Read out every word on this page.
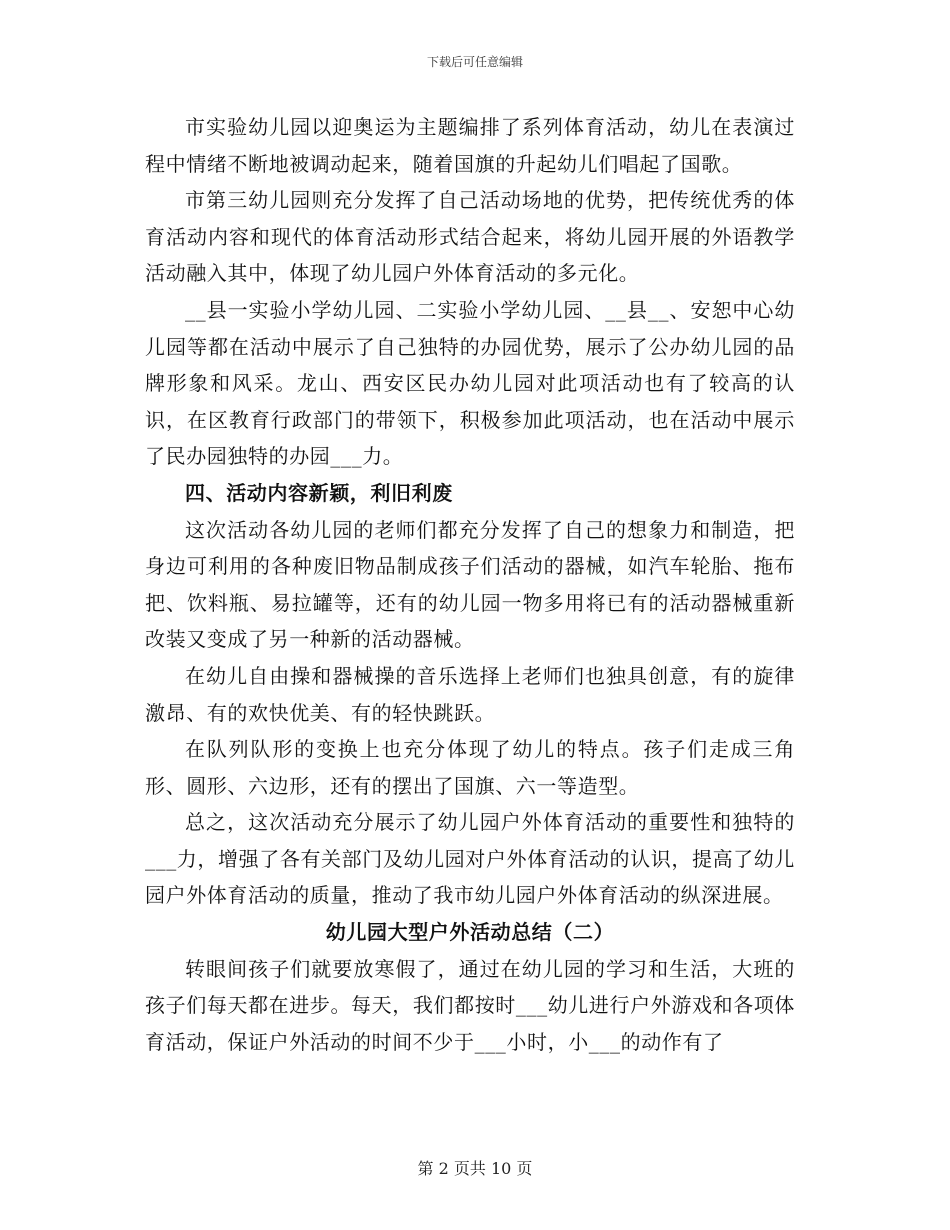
下载后可任意编辑

市实验幼儿园以迎奥运为主题编排了系列体育活动，幼儿在表演过程中情绪不断地被调动起来，随着国旗的升起幼儿们唱起了国歌。

市第三幼儿园则充分发挥了自己活动场地的优势，把传统优秀的体育活动内容和现代的体育活动形式结合起来，将幼儿园开展的外语教学活动融入其中，体现了幼儿园户外体育活动的多元化。

__县一实验小学幼儿园、二实验小学幼儿园、__县__、安恕中心幼儿园等都在活动中展示了自己独特的办园优势，展示了公办幼儿园的品牌形象和风采。龙山、西安区民办幼儿园对此项活动也有了较高的认识，在区教育行政部门的带领下，积极参加此项活动，也在活动中展示了民办园独特的办园___力。

四、活动内容新颖，利旧利废

这次活动各幼儿园的老师们都充分发挥了自己的想象力和制造，把身边可利用的各种废旧物品制成孩子们活动的器械，如汽车轮胎、拖布把、饮料瓶、易拉罐等，还有的幼儿园一物多用将已有的活动器械重新改装又变成了另一种新的活动器械。

在幼儿自由操和器械操的音乐选择上老师们也独具创意，有的旋律激昂、有的欢快优美、有的轻快跳跃。

在队列队形的变换上也充分体现了幼儿的特点。孩子们走成三角形、圆形、六边形，还有的摆出了国旗、六一等造型。

总之，这次活动充分展示了幼儿园户外体育活动的重要性和独特的___力，增强了各有关部门及幼儿园对户外体育活动的认识，提高了幼儿园户外体育活动的质量，推动了我市幼儿园户外体育活动的纵深进展。

幼儿园大型户外活动总结（二）

转眼间孩子们就要放寒假了，通过在幼儿园的学习和生活，大班的孩子们每天都在进步。每天，我们都按时___幼儿进行户外游戏和各项体育活动，保证户外活动的时间不少于___小时，小___的动作有了

第 2 页共 10 页
